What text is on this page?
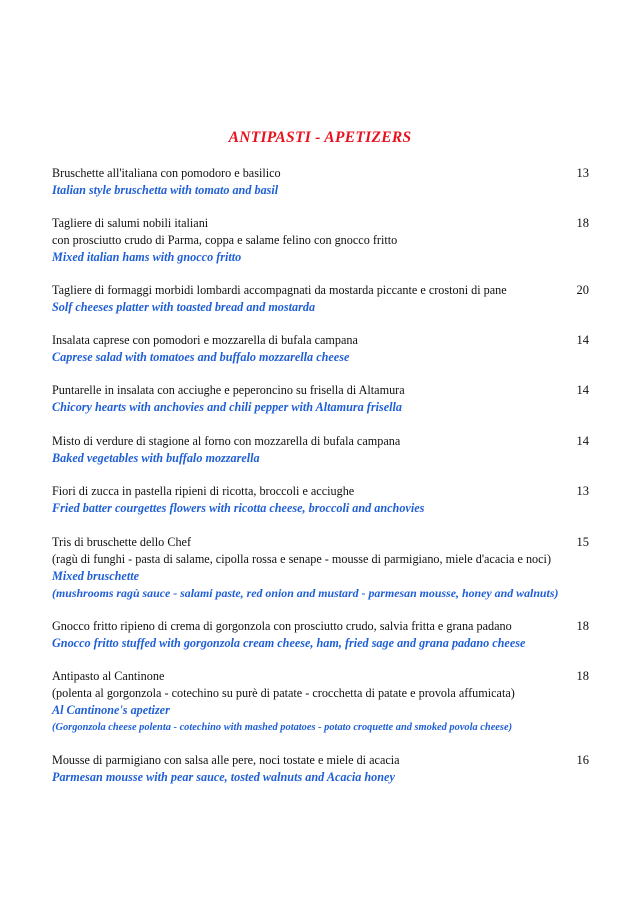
ANTIPASTI - APETIZERS
Bruschette all'italiana con pomodoro e basilico
Italian style bruschetta with tomato and basil
13
Tagliere di salumi nobili italiani
con prosciutto crudo di Parma, coppa e salame felino con gnocco fritto
Mixed italian hams with gnocco fritto
18
Tagliere di formaggi morbidi lombardi accompagnati da mostarda piccante e crostoni di pane
Solf cheeses platter with toasted bread and mostarda
20
Insalata caprese con pomodori e mozzarella di bufala campana
Caprese salad with tomatoes and buffalo mozzarella cheese
14
Puntarelle in insalata con acciughe e peperoncino su frisella di Altamura
Chicory hearts with anchovies and chili pepper with Altamura frisella
14
Misto di verdure di stagione al forno con mozzarella di bufala campana
Baked vegetables with buffalo mozzarella
14
Fiori di zucca in pastella ripieni di ricotta, broccoli e acciughe
Fried batter courgettes flowers with ricotta cheese, broccoli and anchovies
13
Tris di bruschette dello Chef
(ragù di funghi - pasta di salame, cipolla rossa e senape - mousse di parmigiano, miele d'acacia e noci)
Mixed bruschette
(mushrooms ragù sauce - salami paste, red onion and mustard - parmesan mousse, honey and walnuts)
15
Gnocco fritto ripieno di crema di gorgonzola con prosciutto crudo, salvia fritta e grana padano
Gnocco fritto stuffed with gorgonzola cream cheese, ham, fried sage and grana padano cheese
18
Antipasto al Cantinone
(polenta al gorgonzola - cotechino su purè di patate - crocchetta di patate e provola affumicata)
Al Cantinone's apetizer
(Gorgonzola cheese polenta - cotechino with mashed potatoes - potato croquette and smoked povola cheese)
18
Mousse di parmigiano con salsa alle pere, noci tostate e miele di acacia
Parmesan mousse with pear sauce, tosted walnuts and Acacia honey
16
